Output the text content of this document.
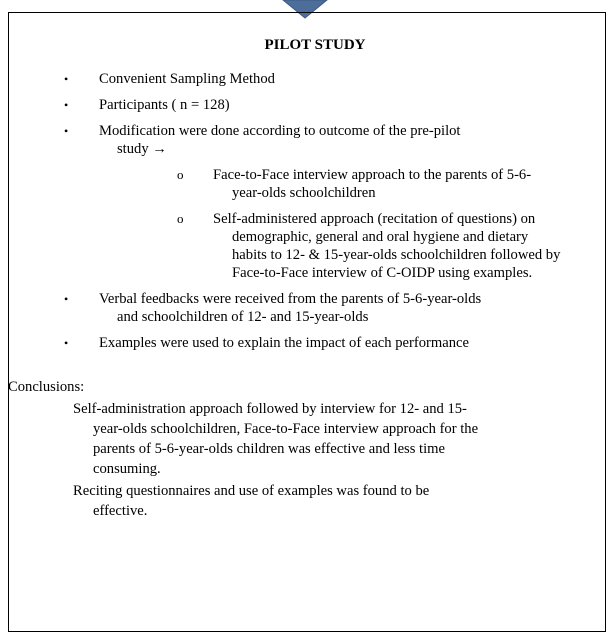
PILOT STUDY
• Convenient Sampling Method
• Participants ( n = 128)
• Modification were done according to outcome of the pre-pilot
study →
o Face-to-Face interview approach to the parents of 5-6-
year-olds schoolchildren
o Self-administered approach (recitation of questions) on
demographic, general and oral hygiene and dietary
habits to 12- & 15-year-olds schoolchildren followed by
Face-to-Face interview of C-OIDP using examples.
• Verbal feedbacks were received from the parents of 5-6-year-olds
and schoolchildren of 12- and 15-year-olds
• Examples were used to explain the impact of each performance
Conclusions:
Self-administration approach followed by interview for 12- and 15-
year-olds schoolchildren, Face-to-Face interview approach for the
parents of 5-6-year-olds children was effective and less time
consuming.
Reciting questionnaires and use of examples was found to be
effective.
